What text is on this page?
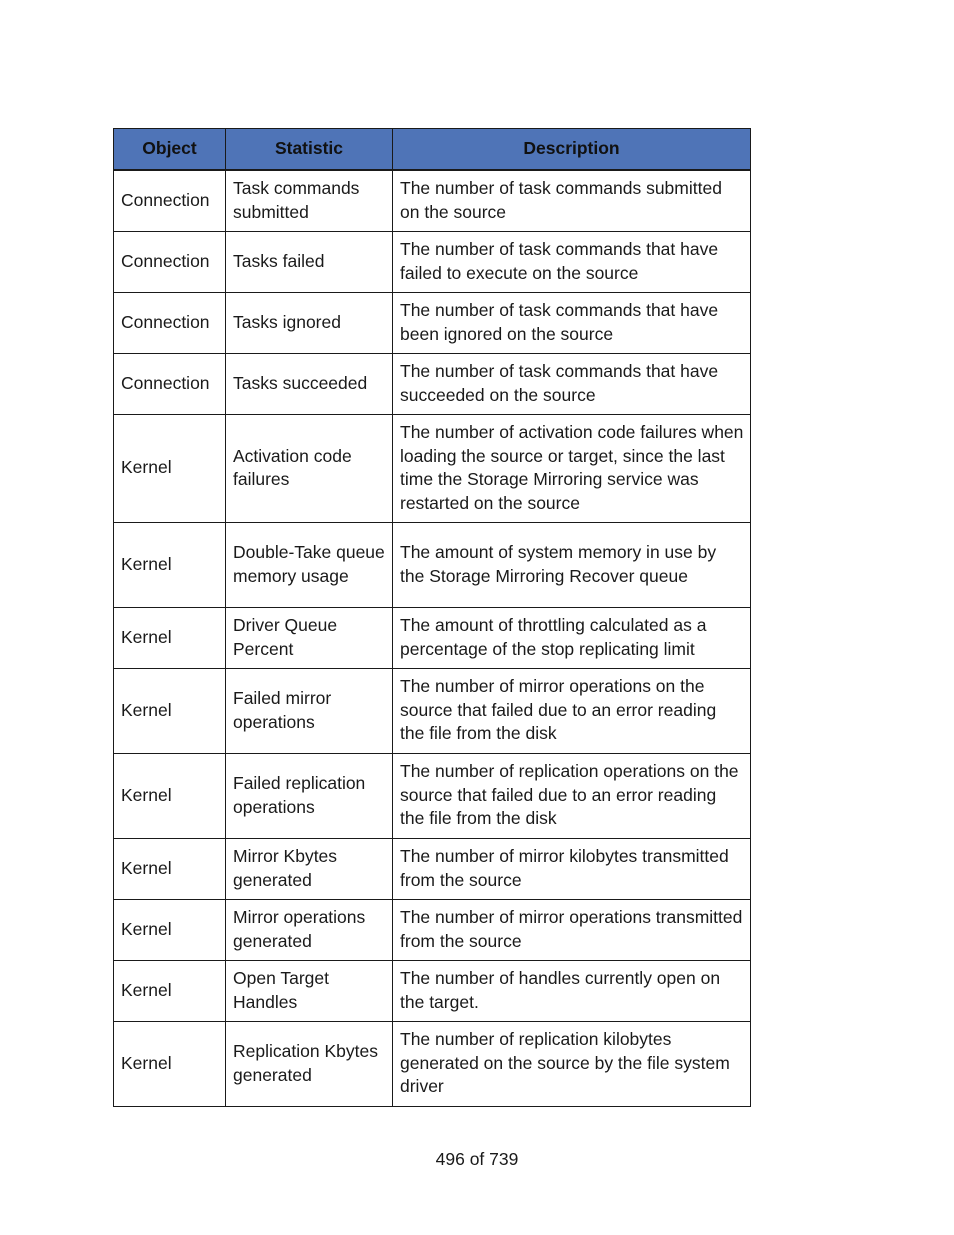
Object	Statistic	Description
Connection	Task commands submitted	The number of task commands submitted on the source
Connection	Tasks failed	The number of task commands that have failed to execute on the source
Connection	Tasks ignored	The number of task commands that have been ignored on the source
Connection	Tasks succeeded	The number of task commands that have succeeded on the source
Kernel	Activation code failures	The number of activation code failures when loading the source or target, since the last time the Storage Mirroring service was restarted on the source
Kernel	Double-Take queue memory usage	The amount of system memory in use by the Storage Mirroring Recover queue
Kernel	Driver Queue Percent	The amount of throttling calculated as a percentage of the stop replicating limit
Kernel	Failed mirror operations	The number of mirror operations on the source that failed due to an error reading the file from the disk
Kernel	Failed replication operations	The number of replication operations on the source that failed due to an error reading the file from the disk
Kernel	Mirror Kbytes generated	The number of mirror kilobytes transmitted from the source
Kernel	Mirror operations generated	The number of mirror operations transmitted from the source
Kernel	Open Target Handles	The number of handles currently open on the target.
Kernel	Replication Kbytes generated	The number of replication kilobytes generated on the source by the file system driver
496 of 739
